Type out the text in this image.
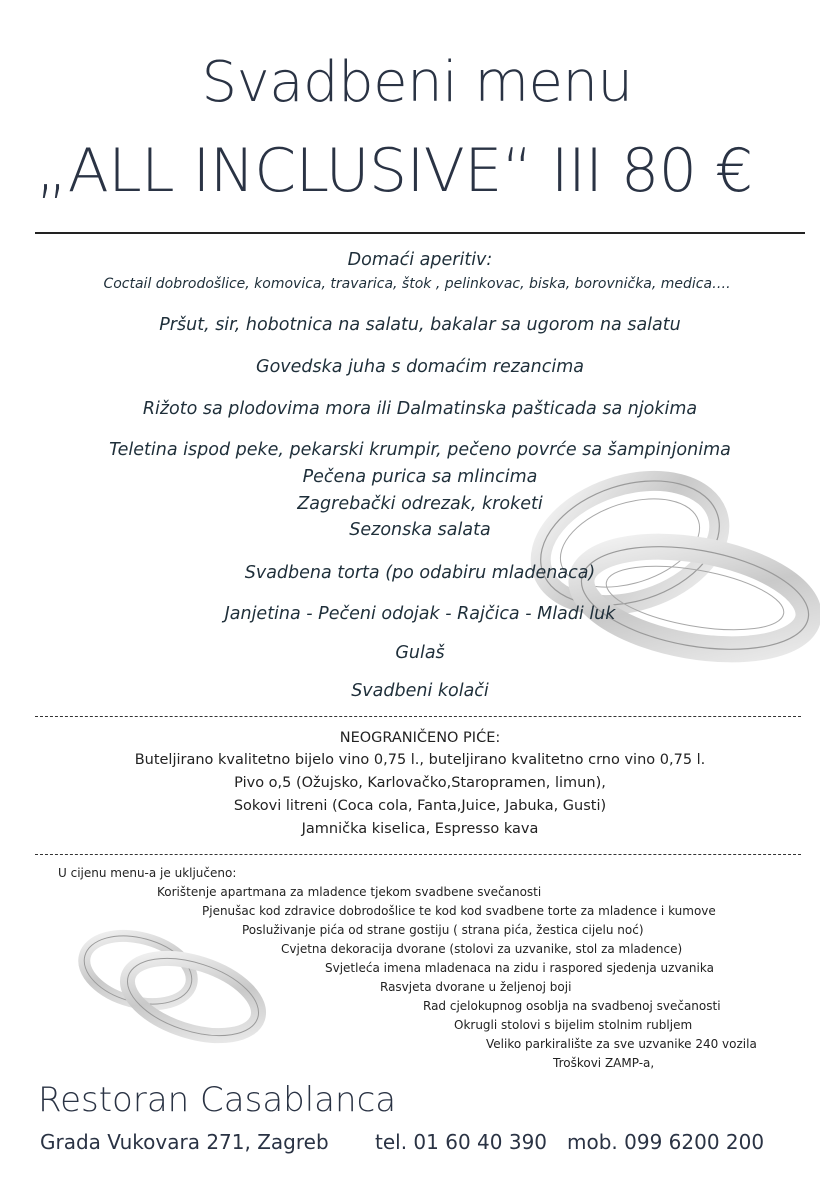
Svadbeni menu
„ALL INCLUSIVE“ III 80 €
Domaći aperitiv:
Coctail dobrodošlice, komovica, travarica, štok , pelinkovac, biska, borovnička, medica….
Pršut, sir, hobotnica na salatu, bakalar sa ugorom na salatu
Govedska juha s domaćim rezancima
Rižoto sa plodovima mora ili Dalmatinska pašticada sa njokima
Teletina ispod peke, pekarski krumpir, pečeno povrće sa šampinjonima
Pečena purica sa mlincima
Zagrebački odrezak, kroketi
Sezonska salata
Svadbena torta (po odabiru mladenaca)
Janjetina - Pečeni odojak - Rajčica - Mladi luk
Gulaš
Svadbeni kolači
NEOGRANIČENO PIĆE:
Buteljirano kvalitetno bijelo vino 0,75 l., buteljirano kvalitetno crno vino 0,75 l.
Pivo o,5 (Ožujsko, Karlovačko,Staropramen, limun),
Sokovi litreni (Coca cola, Fanta,Juice, Jabuka, Gusti)
Jamnička kiselica, Espresso kava
U cijenu menu-a je uključeno:
Korištenje apartmana za mladence tjekom svadbene svečanosti
Pjenušac kod zdravice dobrodošlice te kod kod svadbene torte za mladence i kumove
Posluživanje pića od strane gostiju ( strana pića, žestica cijelu noć)
Cvjetna dekoracija dvorane (stolovi za uzvanike, stol za mladence)
Svjetleća imena mladenaca na zidu i raspored sjedenja uzvanika
Rasvjeta dvorane u željenoj boji
Rad cjelokupnog osoblja na svadbenoj svečanosti
Okrugli stolovi s bijelim stolnim rubljem
Veliko parkiralište za sve uzvanike 240 vozila
Troškovi ZAMP-a,
Restoran Casablanca
Grada Vukovara 271, Zagreb tel. 01 60 40 390 mob. 099 6200 200
